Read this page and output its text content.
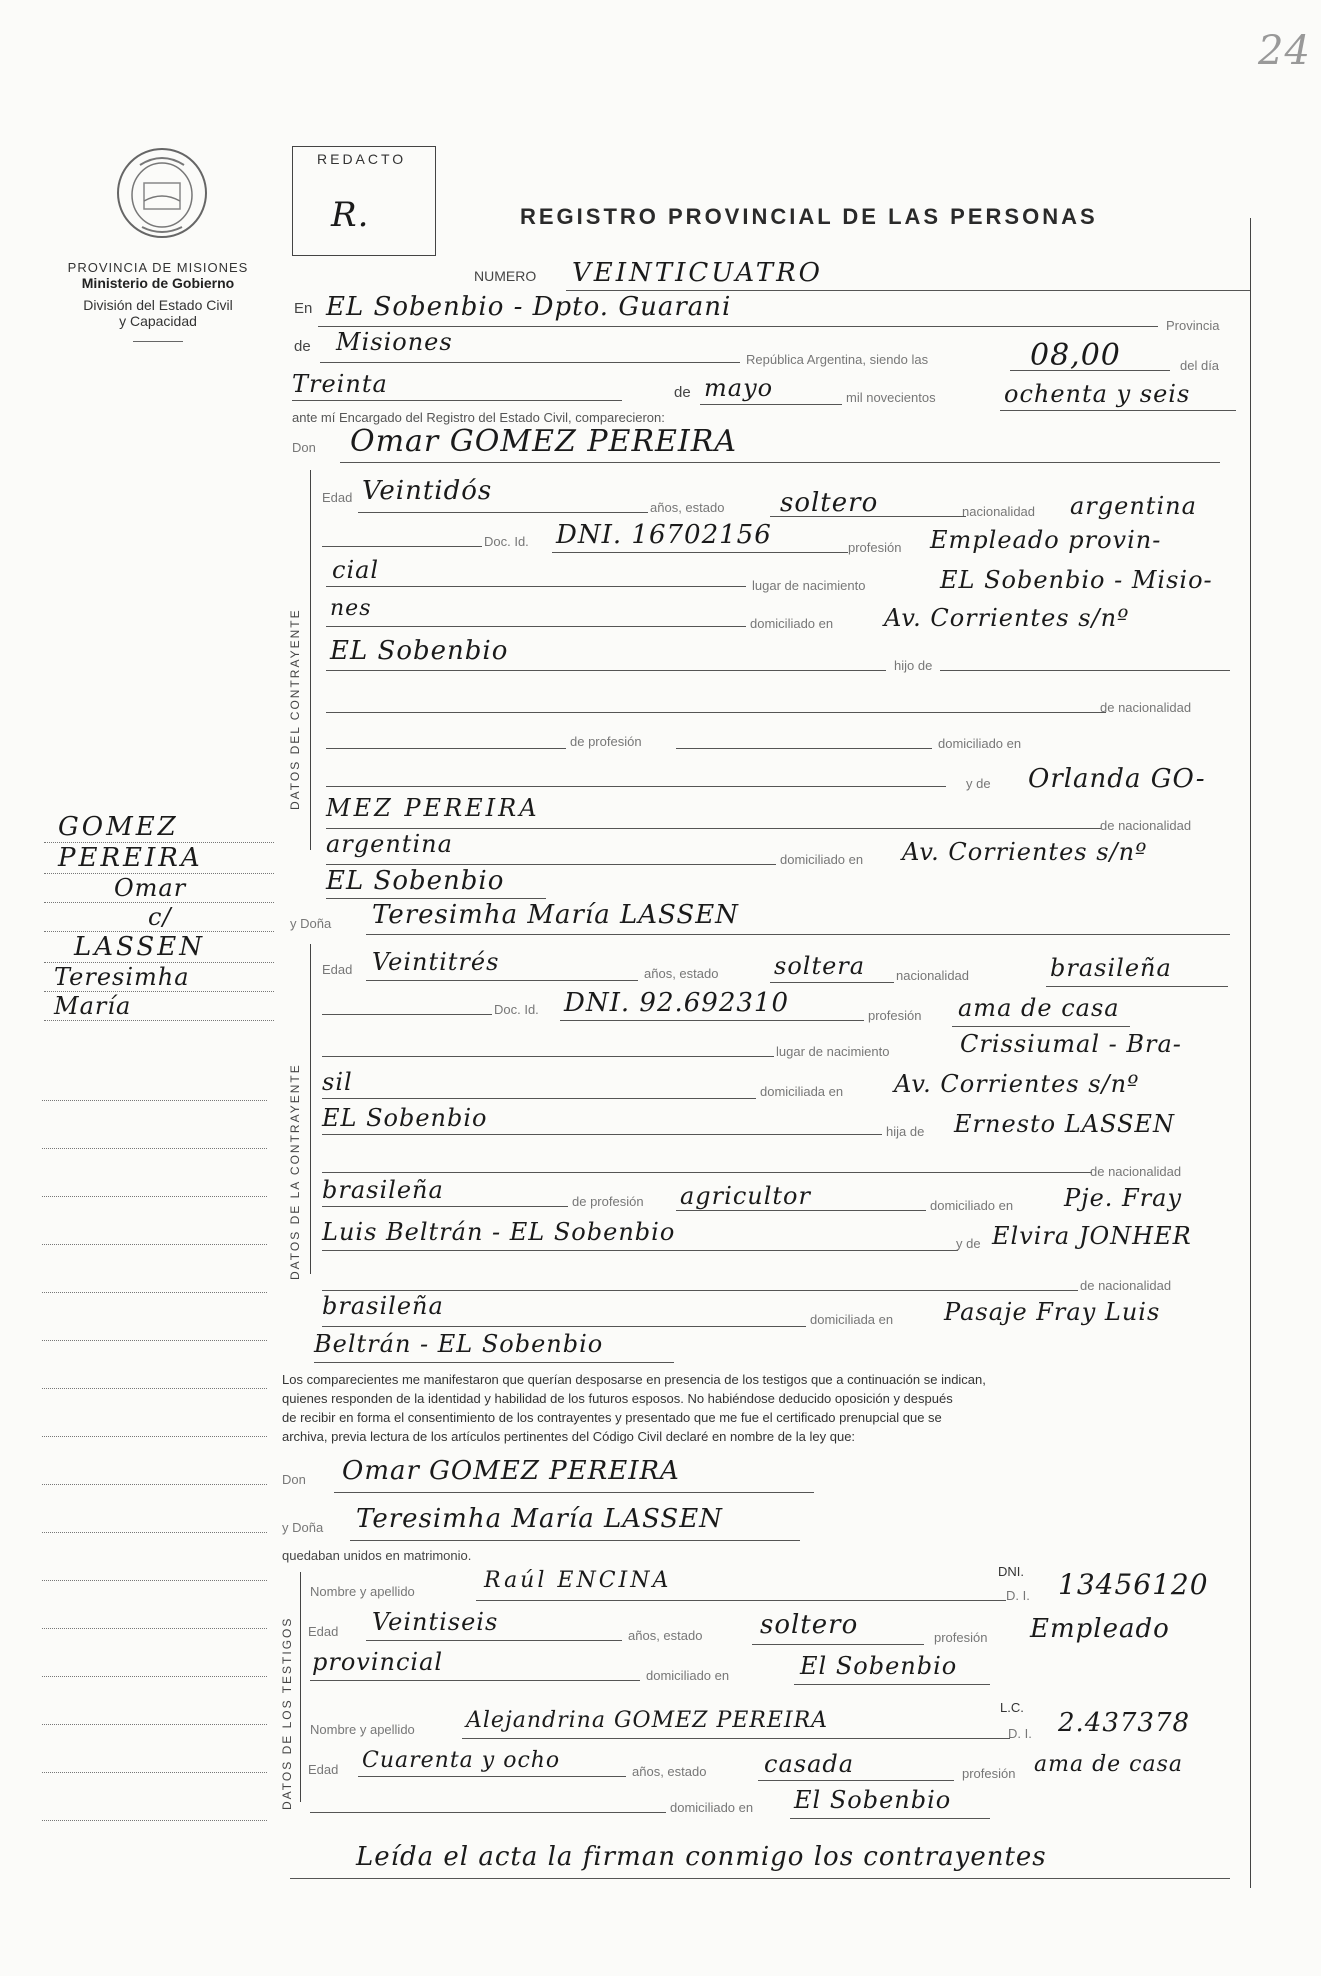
24
PROVINCIA DE MISIONES
Ministerio de Gobierno
División del Estado Civil
y Capacidad
REDACTO
R.	REGISTRO PROVINCIAL DE LAS PERSONAS
NUMERO VEINTICUATRO
En EL Sobenbio - Dpto. Guarani
Provincia
de Misiones
República Argentina, siendo las	08,00	del día
Treinta	de mayo	mil novecientos	ochenta y seis
ante mí Encargado del Registro del Estado Civil, comparecieron:
Don Omar GOMEZ PEREIRA
DATOS DEL CONTRAYENTE
Edad Veintidós
años, estado soltero	nacionalidad argentina
Doc. Id. DNI. 16702156	profesión Empleado provin-
cial
lugar de nacimiento	EL Sobenbio - Misio-
nes
domiciliado en Av. Corrientes s/nº
EL Sobenbio	hijo de
de nacionalidad
de profesión	domiciliado en
y de Orlanda GO-
MEZ PEREIRA
de nacionalidad
argentina
domiciliado en Av. Corrientes s/nº
EL Sobenbio
GOMEZ
PEREIRA
Omar
c/
LASSEN
Teresimha
María
y Doña Teresimha María LASSEN
DATOS DE LA CONTRAYENTE
Edad Veintitrés	años, estado soltera nacionalidad	brasileña
Doc. Id. DNI. 92.692310	profesión ama de casa
lugar de nacimiento	Crissiumal - Bra-
sil	domiciliada en Av. Corrientes s/nº
EL Sobenbio	hija de Ernesto LASSEN
de nacionalidad
brasileña	de profesión agricultor	domiciliado en Pje. Fray
Luis Beltrán - EL Sobenbio	y de Elvira JONHER
de nacionalidad
brasileña	domiciliada en Pasaje Fray Luis
Beltrán - EL Sobenbio
Los comparecientes me manifestaron que querían desposarse en presencia de los testigos que a continuación se indican,
quienes responden de la identidad y habilidad de los futuros esposos. No habiéndose deducido oposición y después
de recibir en forma el consentimiento de los contrayentes y presentado que me fue el certificado prenupcial que se
archiva, previa lectura de los artículos pertinentes del Código Civil declaré en nombre de la ley que:
Don Omar GOMEZ PEREIRA
y Doña Teresimha María LASSEN
quedaban unidos en matrimonio.
DATOS DE LOS TESTIGOS
Nombre y apellido	Raúl ENCINA	DNI.
D. I. 13456120
Edad Veintiseis	años, estado soltero	profesión Empleado
provincial	domiciliado en	El Sobenbio
Nombre y apellido Alejandrina GOMEZ PEREIRA
L.C.
D. I. 2.437378
Edad Cuarenta y ocho	años, estado casada	profesión ama de casa
domiciliado en El Sobenbio
Leída el acta la firman conmigo los contrayentes
